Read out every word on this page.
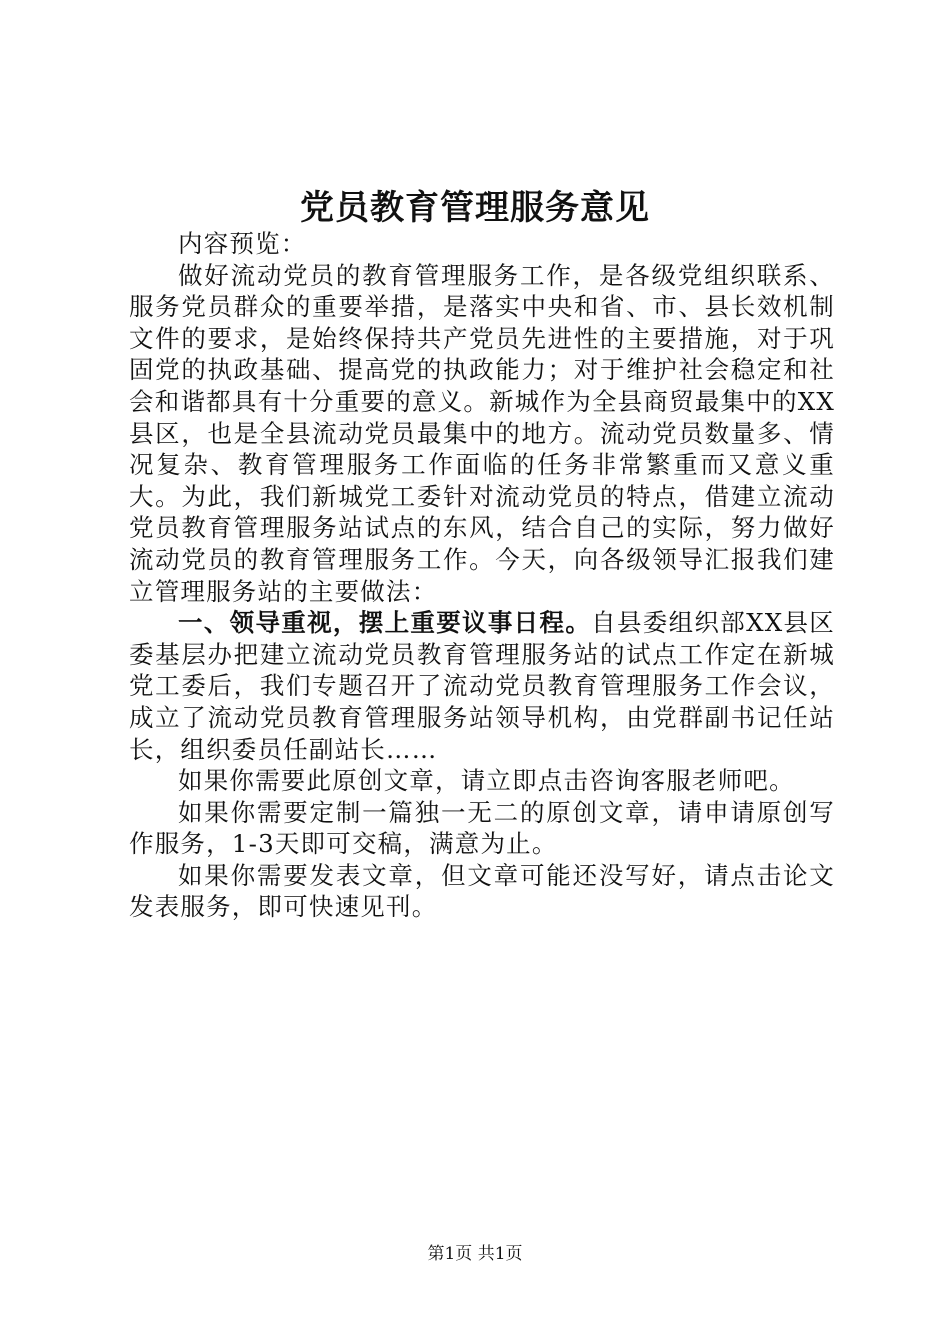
党员教育管理服务意见

内容预览：

做好流动党员的教育管理服务工作，是各级党组织联系、服务党员群众的重要举措，是落实中央和省、市、县长效机制文件的要求，是始终保持共产党员先进性的主要措施，对于巩固党的执政基础、提高党的执政能力；对于维护社会稳定和社会和谐都具有十分重要的意义。新城作为全县商贸最集中的XX县区，也是全县流动党员最集中的地方。流动党员数量多、情况复杂、教育管理服务工作面临的任务非常繁重而又意义重大。为此，我们新城党工委针对流动党员的特点，借建立流动党员教育管理服务站试点的东风，结合自己的实际，努力做好流动党员的教育管理服务工作。今天，向各级领导汇报我们建立管理服务站的主要做法：

一、领导重视，摆上重要议事日程。自县委组织部XX县区委基层办把建立流动党员教育管理服务站的试点工作定在新城党工委后，我们专题召开了流动党员教育管理服务工作会议，成立了流动党员教育管理服务站领导机构，由党群副书记任站长，组织委员任副站长……

如果你需要此原创文章，请立即点击咨询客服老师吧。

如果你需要定制一篇独一无二的原创文章，请申请原创写作服务，1-3天即可交稿，满意为止。

如果你需要发表文章，但文章可能还没写好，请点击论文发表服务，即可快速见刊。

第1页 共1页
